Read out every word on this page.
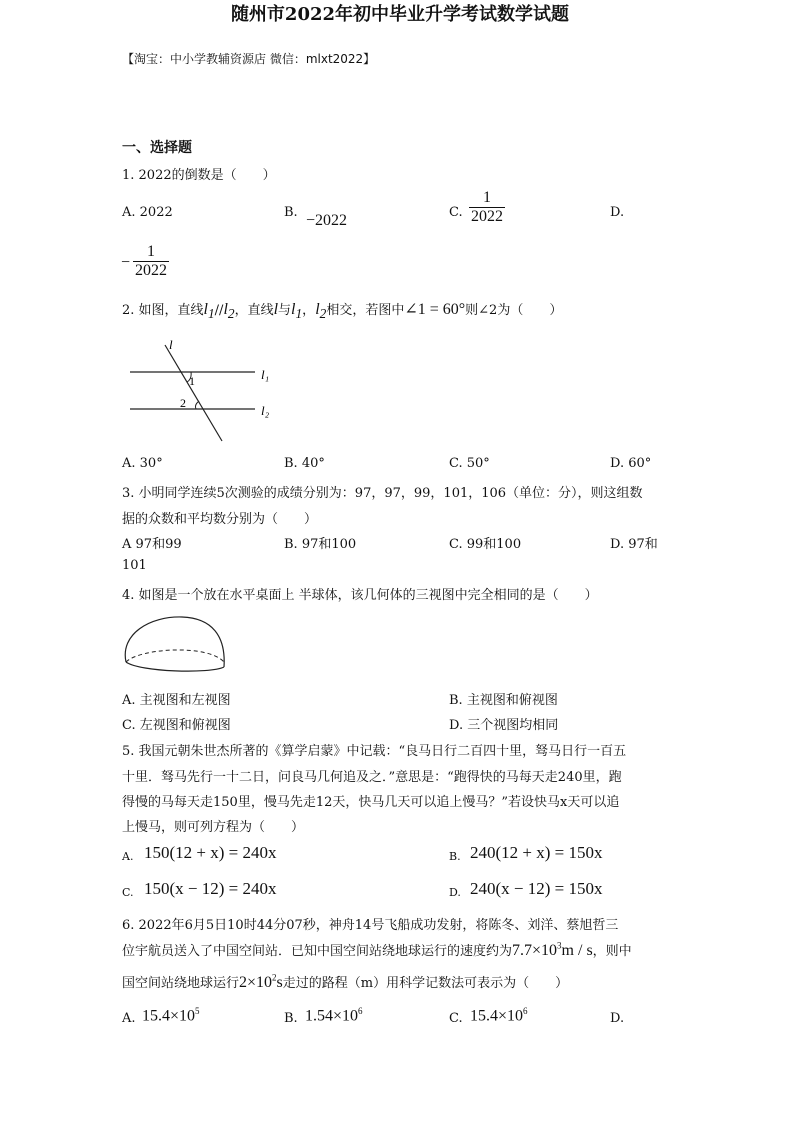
【淘宝：中小学教辅资源店 微信：mlxt2022】
随州市2022年初中毕业升学考试数学试题
一、选择题
1. 2022的倒数是（　　）
A. 2022	B. −2022	C. $\frac{1}{2022}$	D.
− $\frac{1}{2022}$
2. 如图，直线$l_1//l_2$，直线l与$l_1$，$l_2$相交，若图中∠1 = 60°则∠2为（　　）
l
1
2
l₁
l₂
A. 30°	B. 40°	C. 50°	D. 60°
3. 小明同学连续5次测验的成绩分别为：97，97，99，101，106（单位：分），则这组数
据的众数和平均数分别为（　　）
A 97和99	B. 97和100	C. 99和100	D. 97和
101
4. 如图是一个放在水平桌面上 半球体，该几何体的三视图中完全相同的是（　　）
A. 主视图和左视图	B. 主视图和俯视图
C. 左视图和俯视图	D. 三个视图均相同
5. 我国元朝朱世杰所著的《算学启蒙》中记载：“良马日行二百四十里，驽马日行一百五
十里．驽马先行一十二日，问良马几何追及之．”意思是：“跑得快的马每天走240里，跑
得慢的马每天走150里，慢马先走12天，快马几天可以追上慢马？”若设快马x天可以追
上慢马，则可列方程为（　　）
A. 150(12 + x) = 240x	B. 240(12 + x) = 150x
C. 150(x − 12) = 240x	D. 240(x − 12) = 150x
6. 2022年6月5日10时44分07秒，神舟14号飞船成功发射，将陈冬、刘洋、蔡旭哲三
位宇航员送入了中国空间站．已知中国空间站绕地球运行的速度约为$7.7\times 10^3m / s$，则中
国空间站绕地球运行$2\times 10^2s$走过的路程（m）用科学记数法可表示为（　　）
A. $15.4\times 10^5$	B. $1.54\times 10^6$	C. $15.4\times 10^6$	D.
